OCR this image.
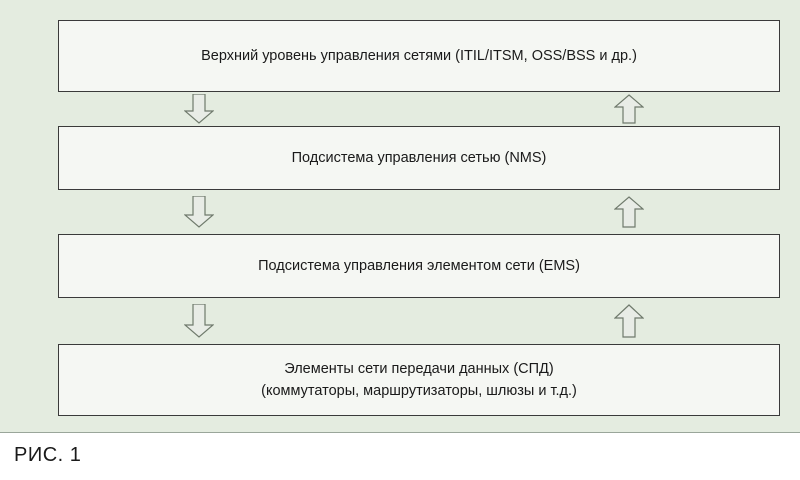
Верхний уровень управления сетями (ITIL/ITSM, OSS/BSS и др.)
Подсистема управления сетью (NMS)
Подсистема управления элементом сети (EMS)
Элементы сети передачи данных (СПД)
(коммутаторы, маршрутизаторы, шлюзы и т.д.)
РИС. 1
